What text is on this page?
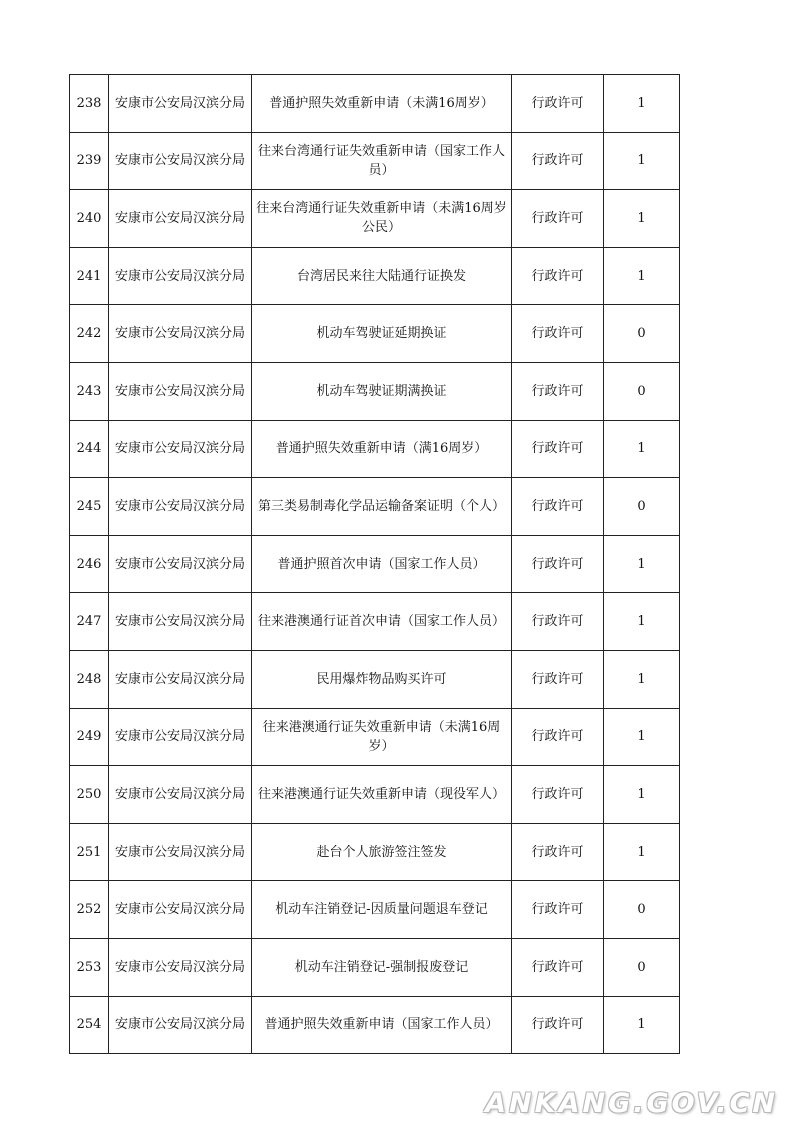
238	安康市公安局汉滨分局	普通护照失效重新申请（未满16周岁）	行政许可	1
239	安康市公安局汉滨分局	往来台湾通行证失效重新申请（国家工作人员）	行政许可	1
240	安康市公安局汉滨分局	往来台湾通行证失效重新申请（未满16周岁公民）	行政许可	1
241	安康市公安局汉滨分局	台湾居民来往大陆通行证换发	行政许可	1
242	安康市公安局汉滨分局	机动车驾驶证延期换证	行政许可	0
243	安康市公安局汉滨分局	机动车驾驶证期满换证	行政许可	0
244	安康市公安局汉滨分局	普通护照失效重新申请（满16周岁）	行政许可	1
245	安康市公安局汉滨分局	第三类易制毒化学品运输备案证明（个人）	行政许可	0
246	安康市公安局汉滨分局	普通护照首次申请（国家工作人员）	行政许可	1
247	安康市公安局汉滨分局	往来港澳通行证首次申请（国家工作人员）	行政许可	1
248	安康市公安局汉滨分局	民用爆炸物品购买许可	行政许可	1
249	安康市公安局汉滨分局	往来港澳通行证失效重新申请（未满16周岁）	行政许可	1
250	安康市公安局汉滨分局	往来港澳通行证失效重新申请（现役军人）	行政许可	1
251	安康市公安局汉滨分局	赴台个人旅游签注签发	行政许可	1
252	安康市公安局汉滨分局	机动车注销登记-因质量问题退车登记	行政许可	0
253	安康市公安局汉滨分局	机动车注销登记-强制报废登记	行政许可	0
254	安康市公安局汉滨分局	普通护照失效重新申请（国家工作人员）	行政许可	1
ANKANG.GOV.CN
